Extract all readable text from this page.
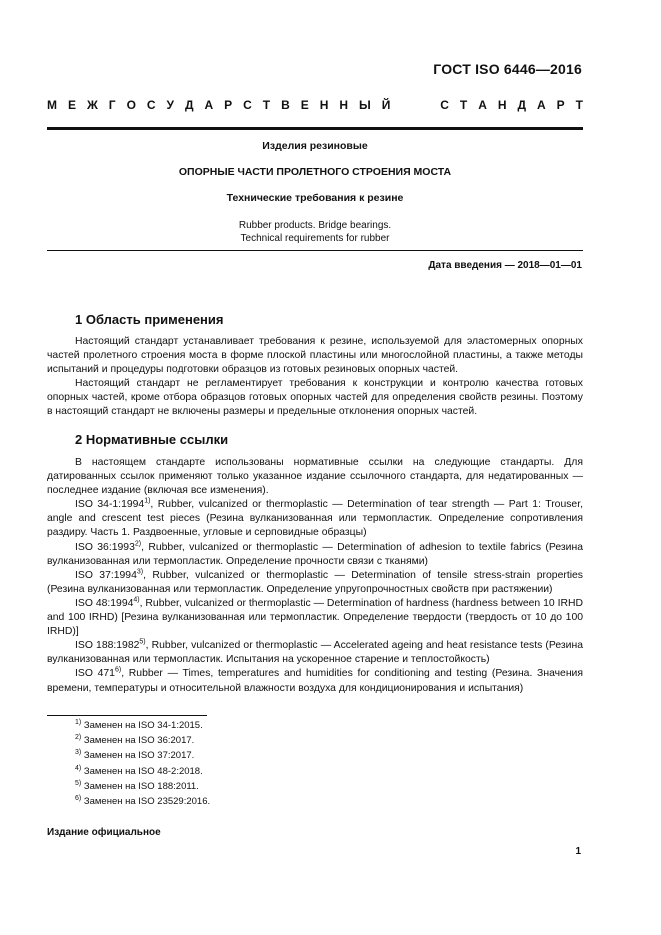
ГОСТ ISO 6446—2016
М Е Ж Г О С У Д А Р С Т В Е Н Н Ы Й	С Т А Н Д А Р Т
Изделия резиновые
ОПОРНЫЕ ЧАСТИ ПРОЛЕТНОГО СТРОЕНИЯ МОСТА
Технические требования к резине
Rubber products. Bridge bearings.
Technical requirements for rubber
Дата введения — 2018—01—01
1 Область применения

Настоящий стандарт устанавливает требования к резине, используемой для эластомерных опорных частей пролетного строения моста в форме плоской пластины или многослойной пластины, а также методы испытаний и процедуры подготовки образцов из готовых резиновых опорных частей.

Настоящий стандарт не регламентирует требования к конструкции и контролю качества готовых опорных частей, кроме отбора образцов готовых опорных частей для определения свойств резины. Поэтому в настоящий стандарт не включены размеры и предельные отклонения опорных частей.

2 Нормативные ссылки

В настоящем стандарте использованы нормативные ссылки на следующие стандарты. Для датированных ссылок применяют только указанное издание ссылочного стандарта, для недатированных — последнее издание (включая все изменения).

ISO 34-1:1994$^{1)}$, Rubber, vulcanized or thermoplastic — Determination of tear strength — Part 1: Trouser, angle and crescent test pieces (Резина вулканизованная или термопластик. Определение сопротивления раздиру. Часть 1. Раздвоенные, угловые и серповидные образцы)

ISO 36:1993$^{2)}$, Rubber, vulcanized or thermoplastic — Determination of adhesion to textile fabrics (Резина вулканизованная или термопластик. Определение прочности связи с тканями)

ISO 37:1994$^{3)}$, Rubber, vulcanized or thermoplastic — Determination of tensile stress-strain properties (Резина вулканизованная или термопластик. Определение упругопрочностных свойств при растяжении)

ISO 48:1994$^{4)}$, Rubber, vulcanized or thermoplastic — Determination of hardness (hardness between 10 IRHD and 100 IRHD) [Резина вулканизованная или термопластик. Определение твердости (твердость от 10 до 100 IRHD)]

ISO 188:1982$^{5)}$, Rubber, vulcanized or thermoplastic — Accelerated ageing and heat resistance tests (Резина вулканизованная или термопластик. Испытания на ускоренное старение и теплостойкость)

ISO 471$^{6)}$, Rubber — Times, temperatures and humidities for conditioning and testing (Резина. Значения времени, температуры и относительной влажности воздуха для кондиционирования и испытания)

$^{1)}$ Заменен на ISO 34-1:2015.
$^{2)}$ Заменен на ISO 36:2017.
$^{3)}$ Заменен на ISO 37:2017.
$^{4)}$ Заменен на ISO 48-2:2018.
$^{5)}$ Заменен на ISO 188:2011.
$^{6)}$ Заменен на ISO 23529:2016.
Издание официальное
1
